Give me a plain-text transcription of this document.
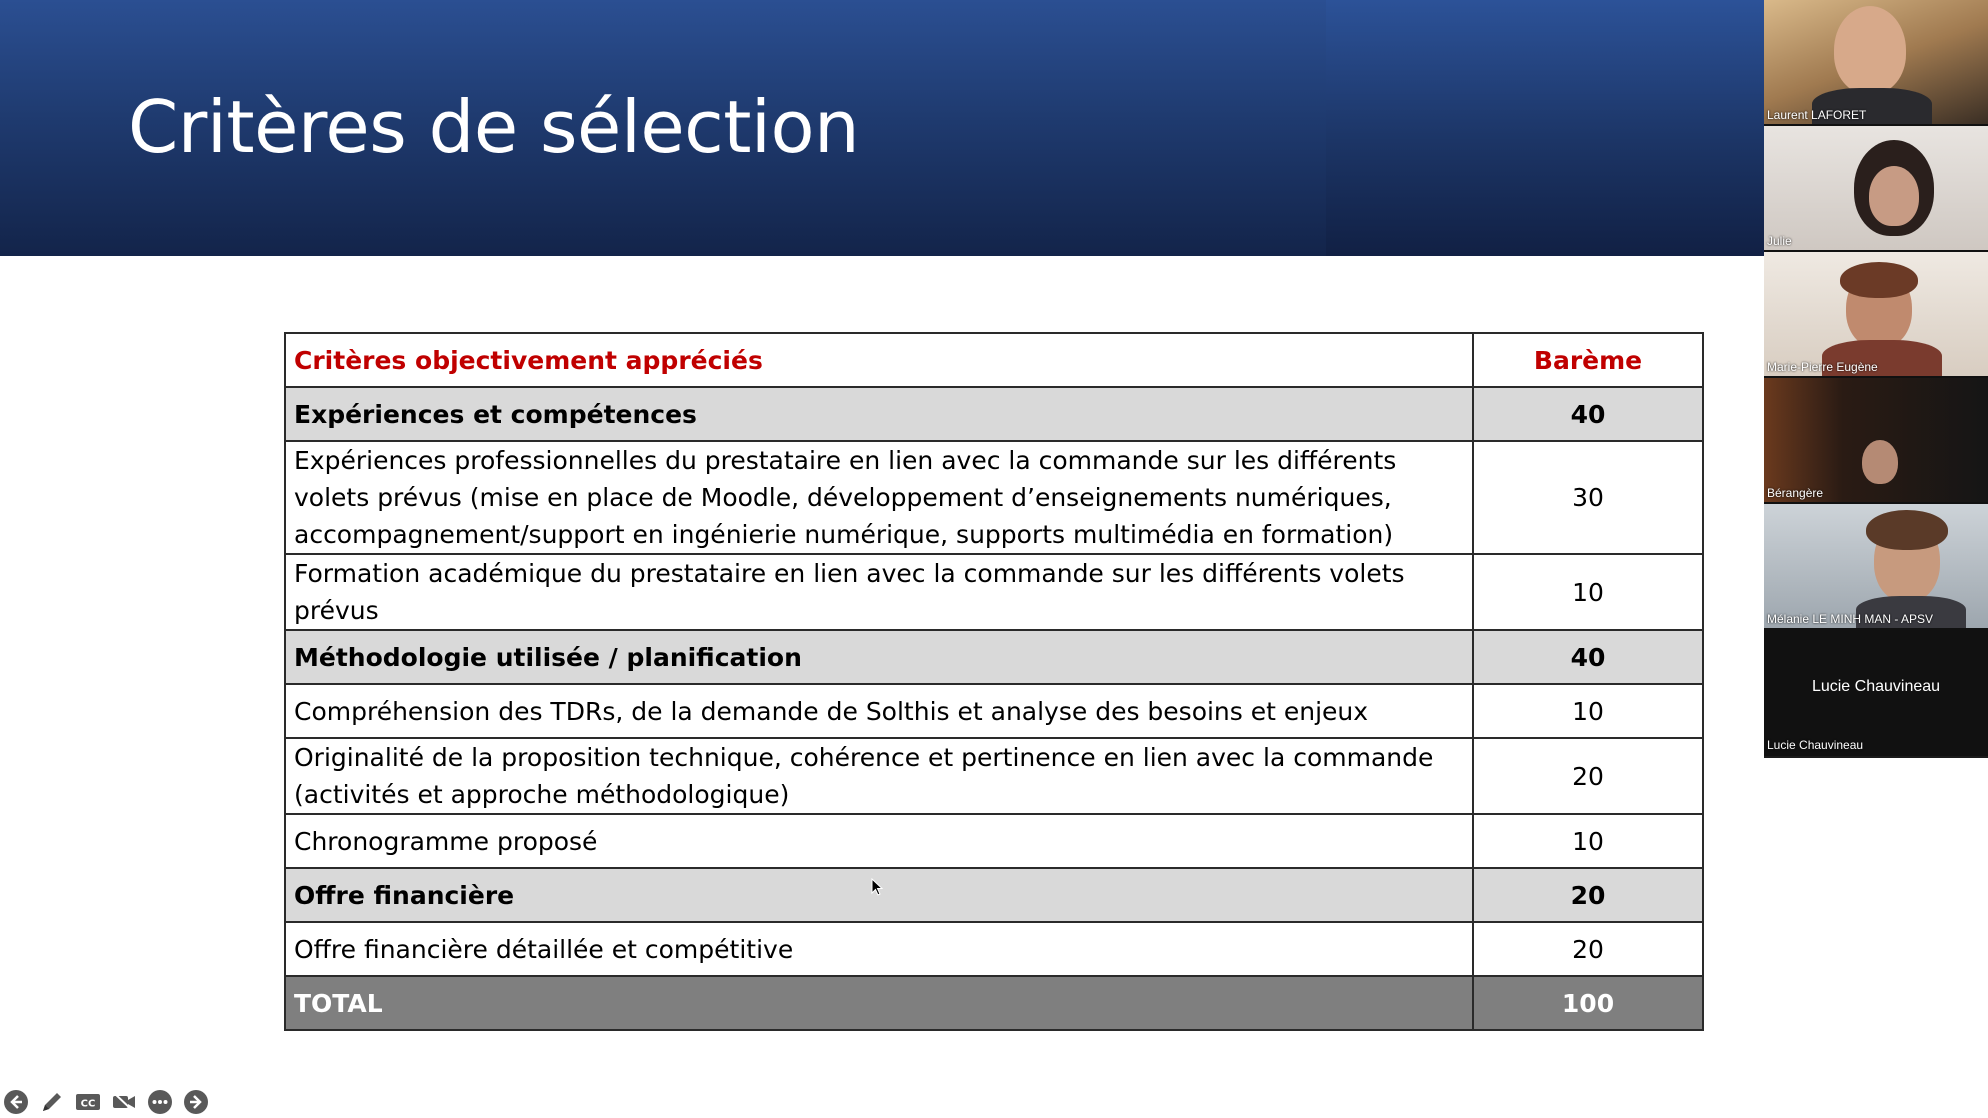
Critères de sélection
Critères objectivement appréciés	Barème
Expériences et compétences	40
Expériences professionnelles du prestataire en lien avec la commande sur les différents volets prévus (mise en place de Moodle, développement d’enseignements numériques, accompagnement/support en ingénierie numérique, supports multimédia en formation)	30
Formation académique du prestataire en lien avec la commande sur les différents volets prévus	10
Méthodologie utilisée / planification	40
Compréhension des TDRs, de la demande de Solthis et analyse des besoins et enjeux	10
Originalité de la proposition technique, cohérence et pertinence en lien avec la commande (activités et approche méthodologique)	20
Chronogramme proposé	10
Offre financière	20
Offre financière détaillée et compétitive	20
TOTAL	100
Laurent LAFORET
Julie
Marie-Pierre Eugène
Bérangère
Mélanie LE MINH MAN - APSV
Lucie Chauvineau
Lucie Chauvineau
CC
